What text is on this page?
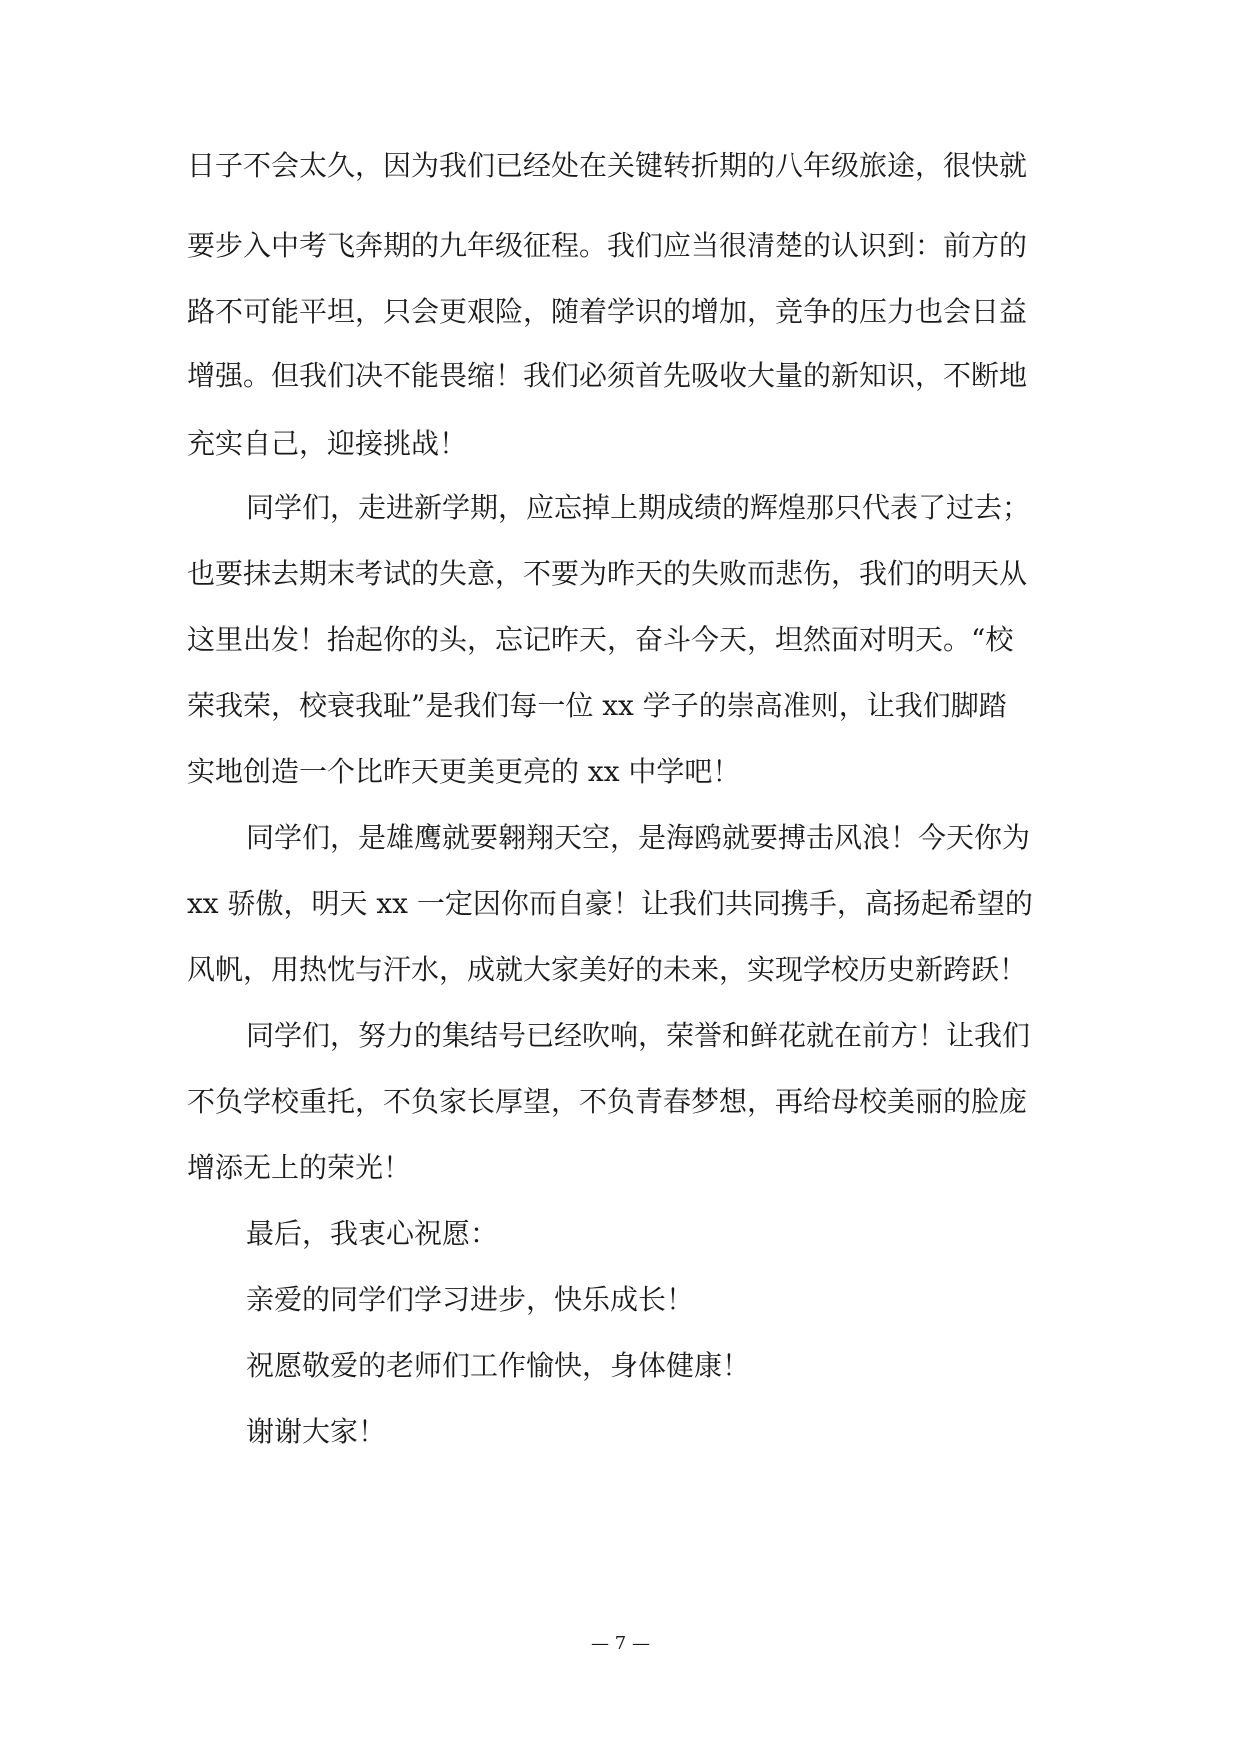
日子不会太久，因为我们已经处在关键转折期的八年级旅途，很快就
要步入中考飞奔期的九年级征程。我们应当很清楚的认识到：前方的
路不可能平坦，只会更艰险，随着学识的增加，竞争的压力也会日益
增强。但我们决不能畏缩！我们必须首先吸收大量的新知识，不断地
充实自己，迎接挑战！
同学们，走进新学期，应忘掉上期成绩的辉煌那只代表了过去；
也要抹去期末考试的失意，不要为昨天的失败而悲伤，我们的明天从
这里出发！抬起你的头，忘记昨天，奋斗今天，坦然面对明天。“校
荣我荣，校衰我耻”是我们每一位 xx 学子的崇高准则，让我们脚踏
实地创造一个比昨天更美更亮的 xx 中学吧！
同学们，是雄鹰就要翱翔天空，是海鸥就要搏击风浪！今天你为
xx 骄傲，明天 xx 一定因你而自豪！让我们共同携手，高扬起希望的
风帆，用热忱与汗水，成就大家美好的未来，实现学校历史新跨跃！
同学们，努力的集结号已经吹响，荣誉和鲜花就在前方！让我们
不负学校重托，不负家长厚望，不负青春梦想，再给母校美丽的脸庞
增添无上的荣光！
最后，我衷心祝愿：
亲爱的同学们学习进步，快乐成长！
祝愿敬爱的老师们工作愉快，身体健康！
谢谢大家！
— 7 —
